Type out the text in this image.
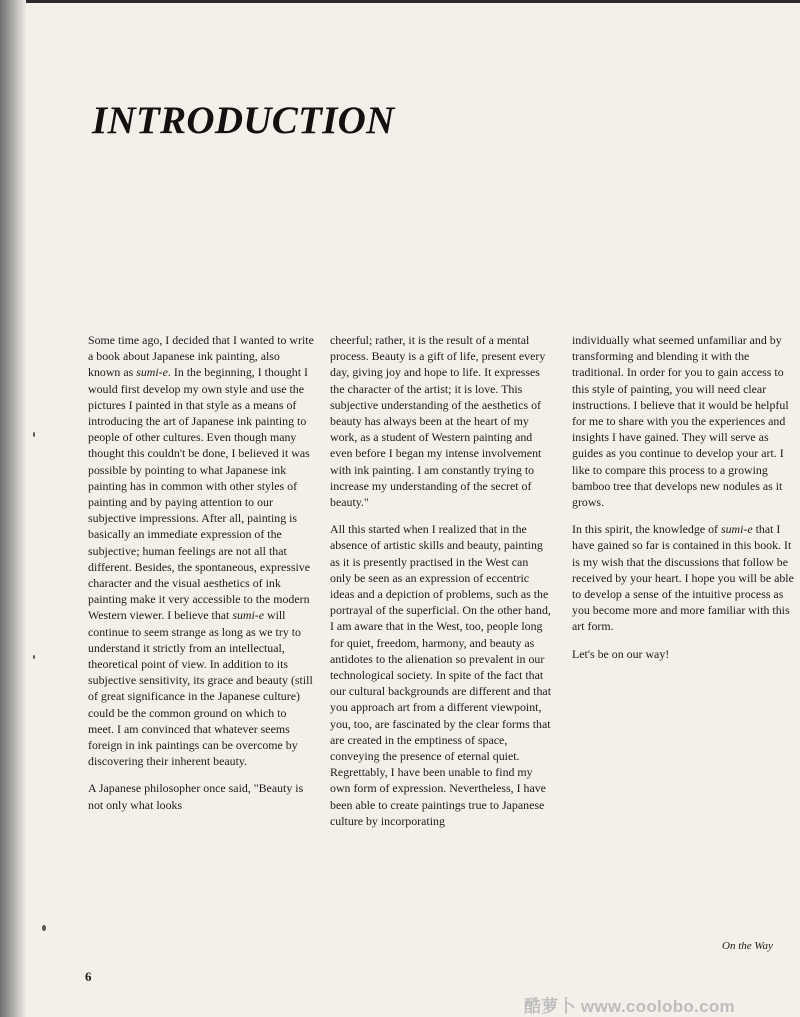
INTRODUCTION

Some time ago, I decided that I wanted to write a book about Japanese ink painting, also known as sumi-e. In the beginning, I thought I would first develop my own style and use the pictures I painted in that style as a means of introducing the art of Japanese ink painting to people of other cultures. Even though many thought this couldn't be done, I believed it was possible by pointing to what Japanese ink painting has in common with other styles of painting and by paying attention to our subjective impressions. After all, painting is basically an immediate expression of the subjective; human feelings are not all that different. Besides, the spontaneous, expressive character and the visual aesthetics of ink painting make it very accessible to the modern Western viewer. I believe that sumi-e will continue to seem strange as long as we try to understand it strictly from an intellectual, theoretical point of view. In addition to its subjective sensitivity, its grace and beauty (still of great significance in the Japanese culture) could be the common ground on which to meet. I am convinced that whatever seems foreign in ink paintings can be overcome by discovering their inherent beauty.

A Japanese philosopher once said, "Beauty is not only what looks

cheerful; rather, it is the result of a mental process. Beauty is a gift of life, present every day, giving joy and hope to life. It expresses the character of the artist; it is love. This subjective understanding of the aesthetics of beauty has always been at the heart of my work, as a student of Western painting and even before I began my intense involvement with ink painting. I am constantly trying to increase my understanding of the secret of beauty."

All this started when I realized that in the absence of artistic skills and beauty, painting as it is presently practised in the West can only be seen as an expression of eccentric ideas and a depiction of problems, such as the portrayal of the superficial. On the other hand, I am aware that in the West, too, people long for quiet, freedom, harmony, and beauty as antidotes to the alienation so prevalent in our technological society. In spite of the fact that our cultural backgrounds are different and that you approach art from a different viewpoint, you, too, are fascinated by the clear forms that are created in the emptiness of space, conveying the presence of eternal quiet. Regrettably, I have been unable to find my own form of expression. Nevertheless, I have been able to create paintings true to Japanese culture by incorporating

individually what seemed unfamiliar and by transforming and blending it with the traditional. In order for you to gain access to this style of painting, you will need clear instructions. I believe that it would be helpful for me to share with you the experiences and insights I have gained. They will serve as guides as you continue to develop your art. I like to compare this process to a growing bamboo tree that develops new nodules as it grows.

In this spirit, the knowledge of sumi-e that I have gained so far is contained in this book. It is my wish that the discussions that follow be received by your heart. I hope you will be able to develop a sense of the intuitive process as you become more and more familiar with this art form.

Let's be on our way!

On the Way
6
酷萝卜 www.coolobo.com
